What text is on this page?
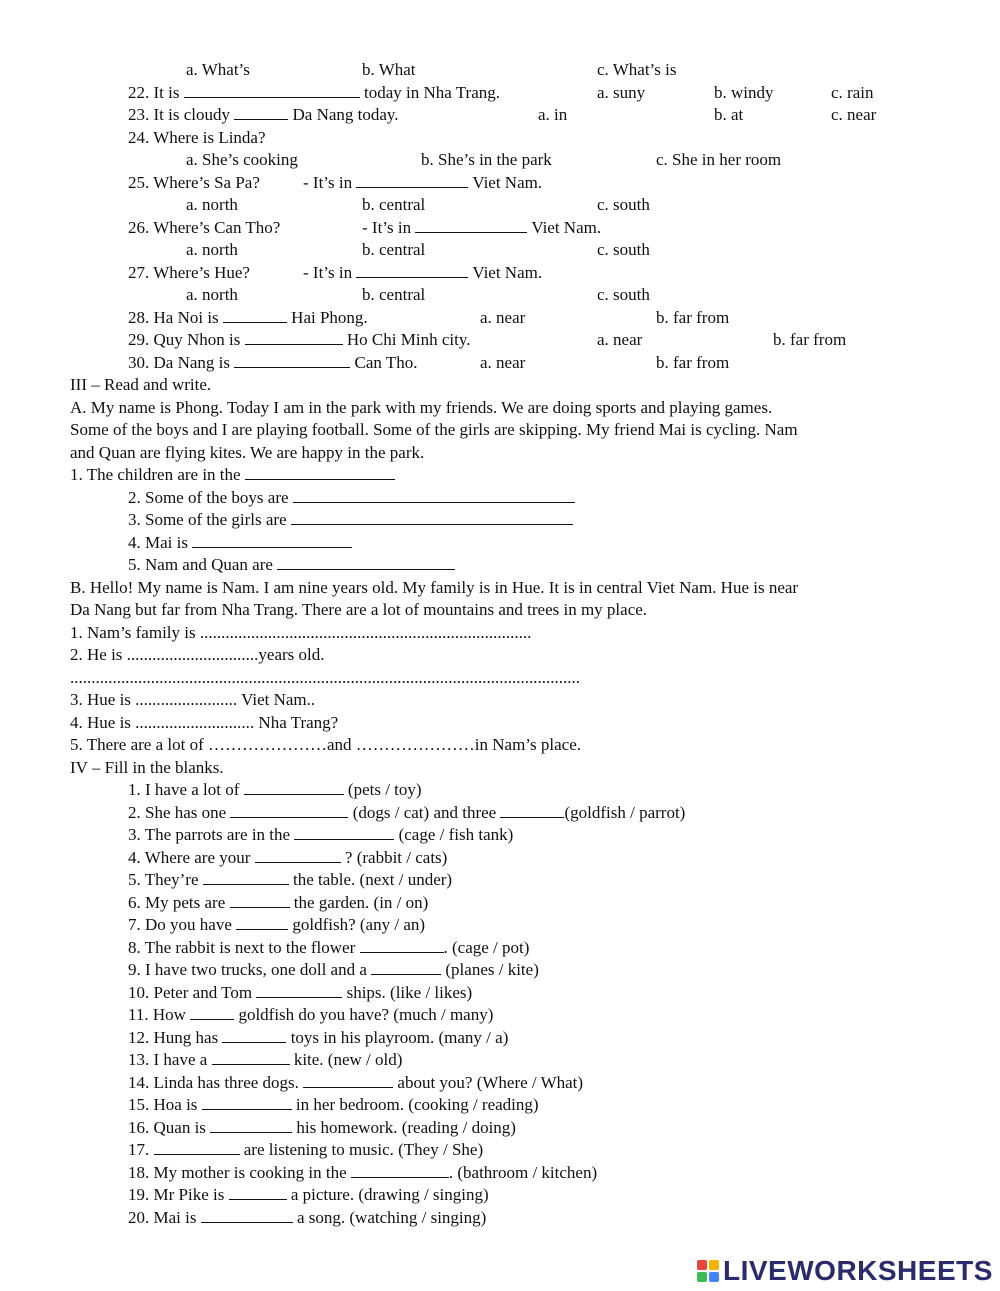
a. What’s	b. What	c. What’s is
22. It is	today in Nha Trang.	a. suny	b. windy	c. rain
23. It is cloudy	Da Nang today.	a. in	b. at	c. near
24. Where is Linda?
a. She’s cooking	b. She’s in the park	c. She in her room
25. Where’s Sa Pa?	- It’s in	Viet Nam.
a. north	b. central	c. south
26. Where’s Can Tho?	- It’s in	Viet Nam.
a. north	b. central	c. south
27. Where’s Hue?	- It’s in	Viet Nam.
a. north	b. central	c. south
28. Ha Noi is	Hai Phong.	a. near	b. far from
29. Quy Nhon is	Ho Chi Minh city.	a. near	b. far from
30. Da Nang is	Can Tho.	a. near	b. far from
III – Read and write.
A. My name is Phong. Today I am in the park with my friends. We are doing sports and playing games.
Some of the boys and I are playing football. Some of the girls are skipping. My friend Mai is cycling. Nam
and Quan are flying kites. We are happy in the park.
1. The children are in the
2. Some of the boys are
3. Some of the girls are
4. Mai is
5. Nam and Quan are
B. Hello! My name is Nam. I am nine years old. My family is in Hue. It is in central Viet Nam. Hue is near
Da Nang but far from Nha Trang. There are a lot of mountains and trees in my place.
1. Nam’s family is ..............................................................................
2. He is ...............................years old.
........................................................................................................................
3. Hue is ........................ Viet Nam..
4. Hue is ............................ Nha Trang?
5. There are a lot of …………………and …………………in Nam’s place.
IV – Fill in the blanks.
1. I have a lot of	(pets / toy)
2. She has one	(dogs / cat) and three	(goldfish / parrot)
3. The parrots are in the	(cage / fish tank)
4. Where are your	? (rabbit / cats)
5. They’re	the table. (next / under)
6. My pets are	the garden. (in / on)
7. Do you have	goldfish? (any / an)
8. The rabbit is next to the flower	. (cage / pot)
9. I have two trucks, one doll and a	(planes / kite)
10. Peter and Tom	ships. (like / likes)
11. How	goldfish do you have? (much / many)
12. Hung has	toys in his playroom. (many / a)
13. I have a	kite. (new / old)
14. Linda has three dogs.	about you? (Where / What)
15. Hoa is	in her bedroom. (cooking / reading)
16. Quan is	his homework. (reading / doing)
17.	are listening to music. (They / She)
18. My mother is cooking in the	. (bathroom / kitchen)
19. Mr Pike is	a picture. (drawing / singing)
20. Mai is	a song. (watching / singing)
LIVEWORKSHEETS
